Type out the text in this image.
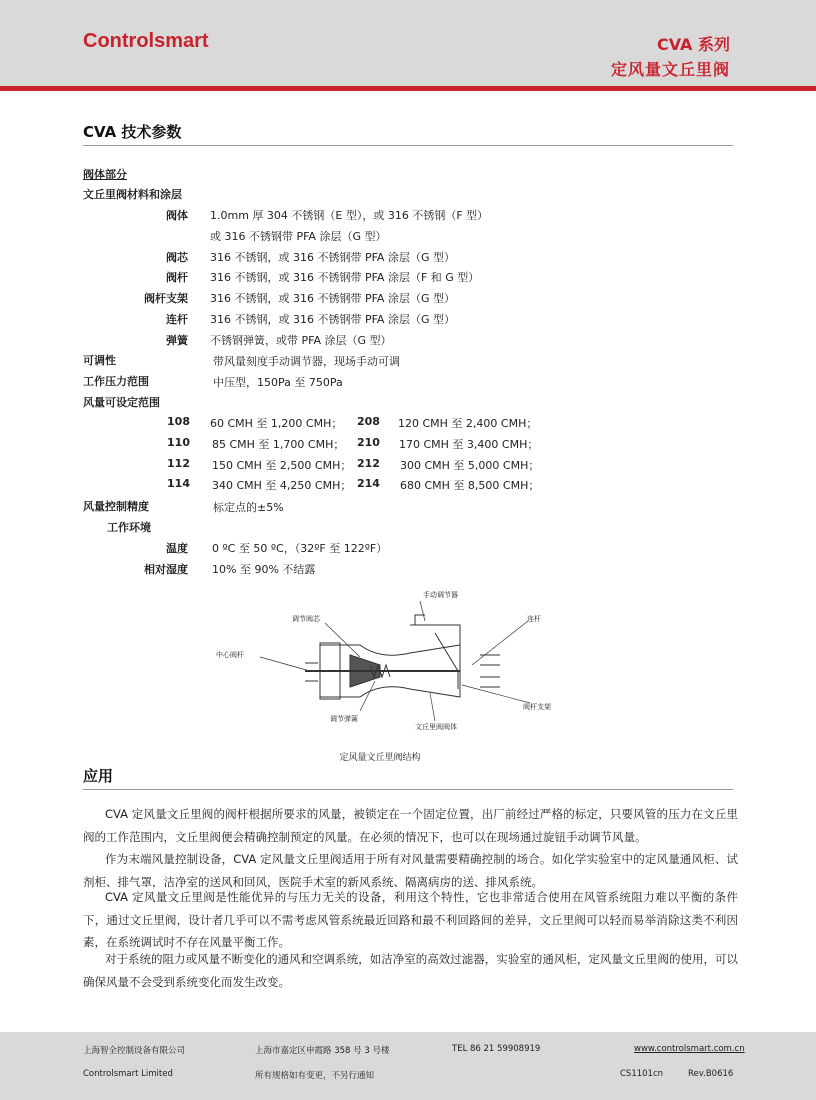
Controlsmart	CVA 系列
定风量文丘里阀
CVA 技术参数
阀体部分
文丘里阀材料和涂层
阀体 1.0mm 厚 304 不锈钢（E 型），或 316 不锈钢（F 型）
或 316 不锈钢带 PFA 涂层（G 型）
阀芯 316 不锈钢，或 316 不锈钢带 PFA 涂层（G 型）
阀杆 316 不锈钢，或 316 不锈钢带 PFA 涂层（F 和 G 型）
阀杆支架 316 不锈钢，或 316 不锈钢带 PFA 涂层（G 型）
连杆 316 不锈钢，或 316 不锈钢带 PFA 涂层（G 型）
弹簧 不锈钢弹簧，或带 PFA 涂层（G 型）
可调性	带风量刻度手动调节器，现场手动可调
工作压力范围	中压型，150Pa 至 750Pa
风量可设定范围
108 60 CMH 至 1,200 CMH； 208 120 CMH 至 2,400 CMH；
110 85 CMH 至 1,700 CMH； 210 170 CMH 至 3,400 CMH；
112 150 CMH 至 2,500 CMH； 212 300 CMH 至 5,000 CMH；
114 340 CMH 至 4,250 CMH； 214 680 CMH 至 8,500 CMH；
风量控制精度	标定点的±5%
工作环境
温度 0 ºC 至 50 ºC，（32ºF 至 122ºF）
相对湿度 10% 至 90% 不结露
手动调节器
连杆
调节阀芯
中心阀杆
调节弹簧
文丘里阀阀体
阀杆支架
定风量文丘里阀结构
应用
CVA 定风量文丘里阀的阀杆根据所要求的风量，被锁定在一个固定位置，出厂前经过严格的标定，只要风管的压力在文丘里阀的工作范围内，文丘里阀便会精确控制预定的风量。在必须的情况下，也可以在现场通过旋钮手动调节风量。
作为末端风量控制设备，CVA 定风量文丘里阀适用于所有对风量需要精确控制的场合。如化学实验室中的定风量通风柜、试剂柜、排气罩，洁净室的送风和回风，医院手术室的新风系统、隔离病房的送、排风系统。
CVA 定风量文丘里阀是性能优异的与压力无关的设备，利用这个特性，它也非常适合使用在风管系统阻力难以平衡的条件下，通过文丘里阀，设计者几乎可以不需考虑风管系统最近回路和最不利回路间的差异，文丘里阀可以轻而易举消除这类不利因素，在系统调试时不存在风量平衡工作。
对于系统的阻力或风量不断变化的通风和空调系统，如洁净室的高效过滤器，实验室的通风柜，定风量文丘里阀的使用，可以确保风量不会受到系统变化而发生改变。
上海智全控制设备有限公司	上海市嘉定区申霞路 358 号 3 号楼	TEL 86 21 59908919	www.controlsmart.com.cn
Controlsmart Limited	所有规格如有变更，不另行通知	CS1101cn	Rev.B0616
